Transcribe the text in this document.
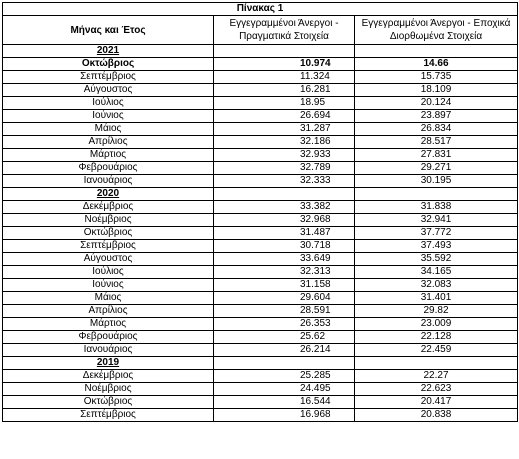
Πίνακας 1		
Μήνας και Έτος	Εγγεγραμμένοι Άνεργοι - Πραγματικά Στοιχεία	Εγγεγραμμένοι Άνεργοι - Εποχικά Διορθωμένα Στοιχεία
2021		
Οκτώβριος	10.974	14.66
Σεπτέμβριος	11.324	15.735
Αύγουστος	16.281	18.109
Ιούλιος	18.95	20.124
Ιούνιος	26.694	23.897
Μάιος	31.287	26.834
Απρίλιος	32.186	28.517
Μάρτιος	32.933	27.831
Φεβρουάριος	32.789	29.271
Ιανουάριος	32.333	30.195
2020		
Δεκέμβριος	33.382	31.838
Νοέμβριος	32.968	32.941
Οκτώβριος	31.487	37.772
Σεπτέμβριος	30.718	37.493
Αύγουστος	33.649	35.592
Ιούλιος	32.313	34.165
Ιούνιος	31.158	32.083
Μάιος	29.604	31.401
Απρίλιος	28.591	29.82
Μάρτιος	26.353	23.009
Φεβρουάριος	25.62	22.128
Ιανουάριος	26.214	22.459
2019		
Δεκέμβριος	25.285	22.27
Νοέμβριος	24.495	22.623
Οκτώβριος	16.544	20.417
Σεπτέμβριος	16.968	20.838
